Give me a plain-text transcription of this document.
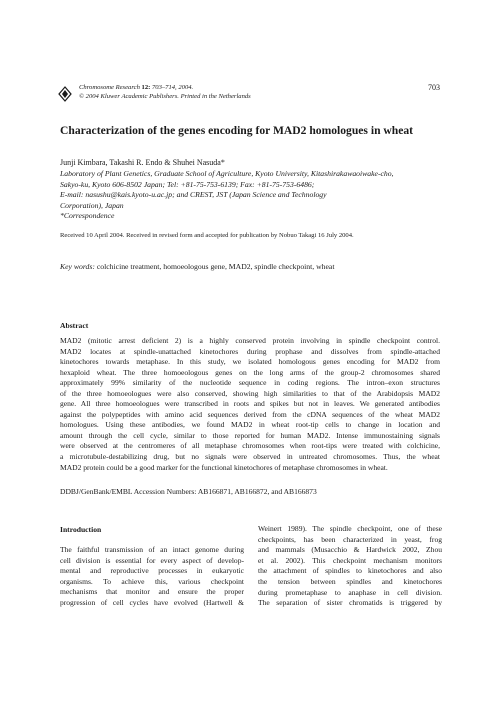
Chromosome Research 12: 703–714, 2004.
© 2004 Kluwer Academic Publishers. Printed in the Netherlands
703
Characterization of the genes encoding for MAD2 homologues in wheat
Junji Kimbara, Takashi R. Endo & Shuhei Nasuda*
Laboratory of Plant Genetics, Graduate School of Agriculture, Kyoto University, Kitashirakawaoiwake-cho,
Sakyo-ku, Kyoto 606-8502 Japan; Tel: +81-75-753-6139; Fax: +81-75-753-6486;
E-mail: nasushu@kais.kyoto-u.ac.jp; and CREST, JST (Japan Science and Technology
Corporation), Japan
*Correspondence
Received 10 April 2004. Received in revised form and accepted for publication by Nobuo Takagi 16 July 2004.
Key words: colchicine treatment, homoeologous gene, MAD2, spindle checkpoint, wheat
Abstract
MAD2 (mitotic arrest deficient 2) is a highly conserved protein involving in spindle checkpoint control.
MAD2 locates at spindle-unattached kinetochores during prophase and dissolves from spindle-attached
kinetochores towards metaphase. In this study, we isolated homologous genes encoding for MAD2 from
hexaploid wheat. The three homoeologous genes on the long arms of the group-2 chromosomes shared
approximately 99% similarity of the nucleotide sequence in coding regions. The intron–exon structures
of the three homoeologues were also conserved, showing high similarities to that of the Arabidopsis MAD2
gene. All three homoeologues were transcribed in roots and spikes but not in leaves. We generated antibodies
against the polypeptides with amino acid sequences derived from the cDNA sequences of the wheat MAD2
homologues. Using these antibodies, we found MAD2 in wheat root-tip cells to change in location and
amount through the cell cycle, similar to those reported for human MAD2. Intense immunostaining signals
were observed at the centromeres of all metaphase chromosomes when root-tips were treated with colchicine,
a microtubule-destabilizing drug, but no signals were observed in untreated chromosomes. Thus, the wheat
MAD2 protein could be a good marker for the functional kinetochores of metaphase chromosomes in wheat.
DDBJ/GenBank/EMBL Accession Numbers: AB166871, AB166872, and AB166873
Introduction
The faithful transmission of an intact genome during
cell division is essential for every aspect of develop-
mental and reproductive processes in eukaryotic
organisms. To achieve this, various checkpoint
mechanisms that monitor and ensure the proper
progression of cell cycles have evolved (Hartwell &
Weinert 1989). The spindle checkpoint, one of these
checkpoints, has been characterized in yeast, frog
and mammals (Musacchio & Hardwick 2002, Zhou
et al. 2002). This checkpoint mechanism monitors
the attachment of spindles to kinetochores and also
the tension between spindles and kinetochores
during prometaphase to anaphase in cell division.
The separation of sister chromatids is triggered by
